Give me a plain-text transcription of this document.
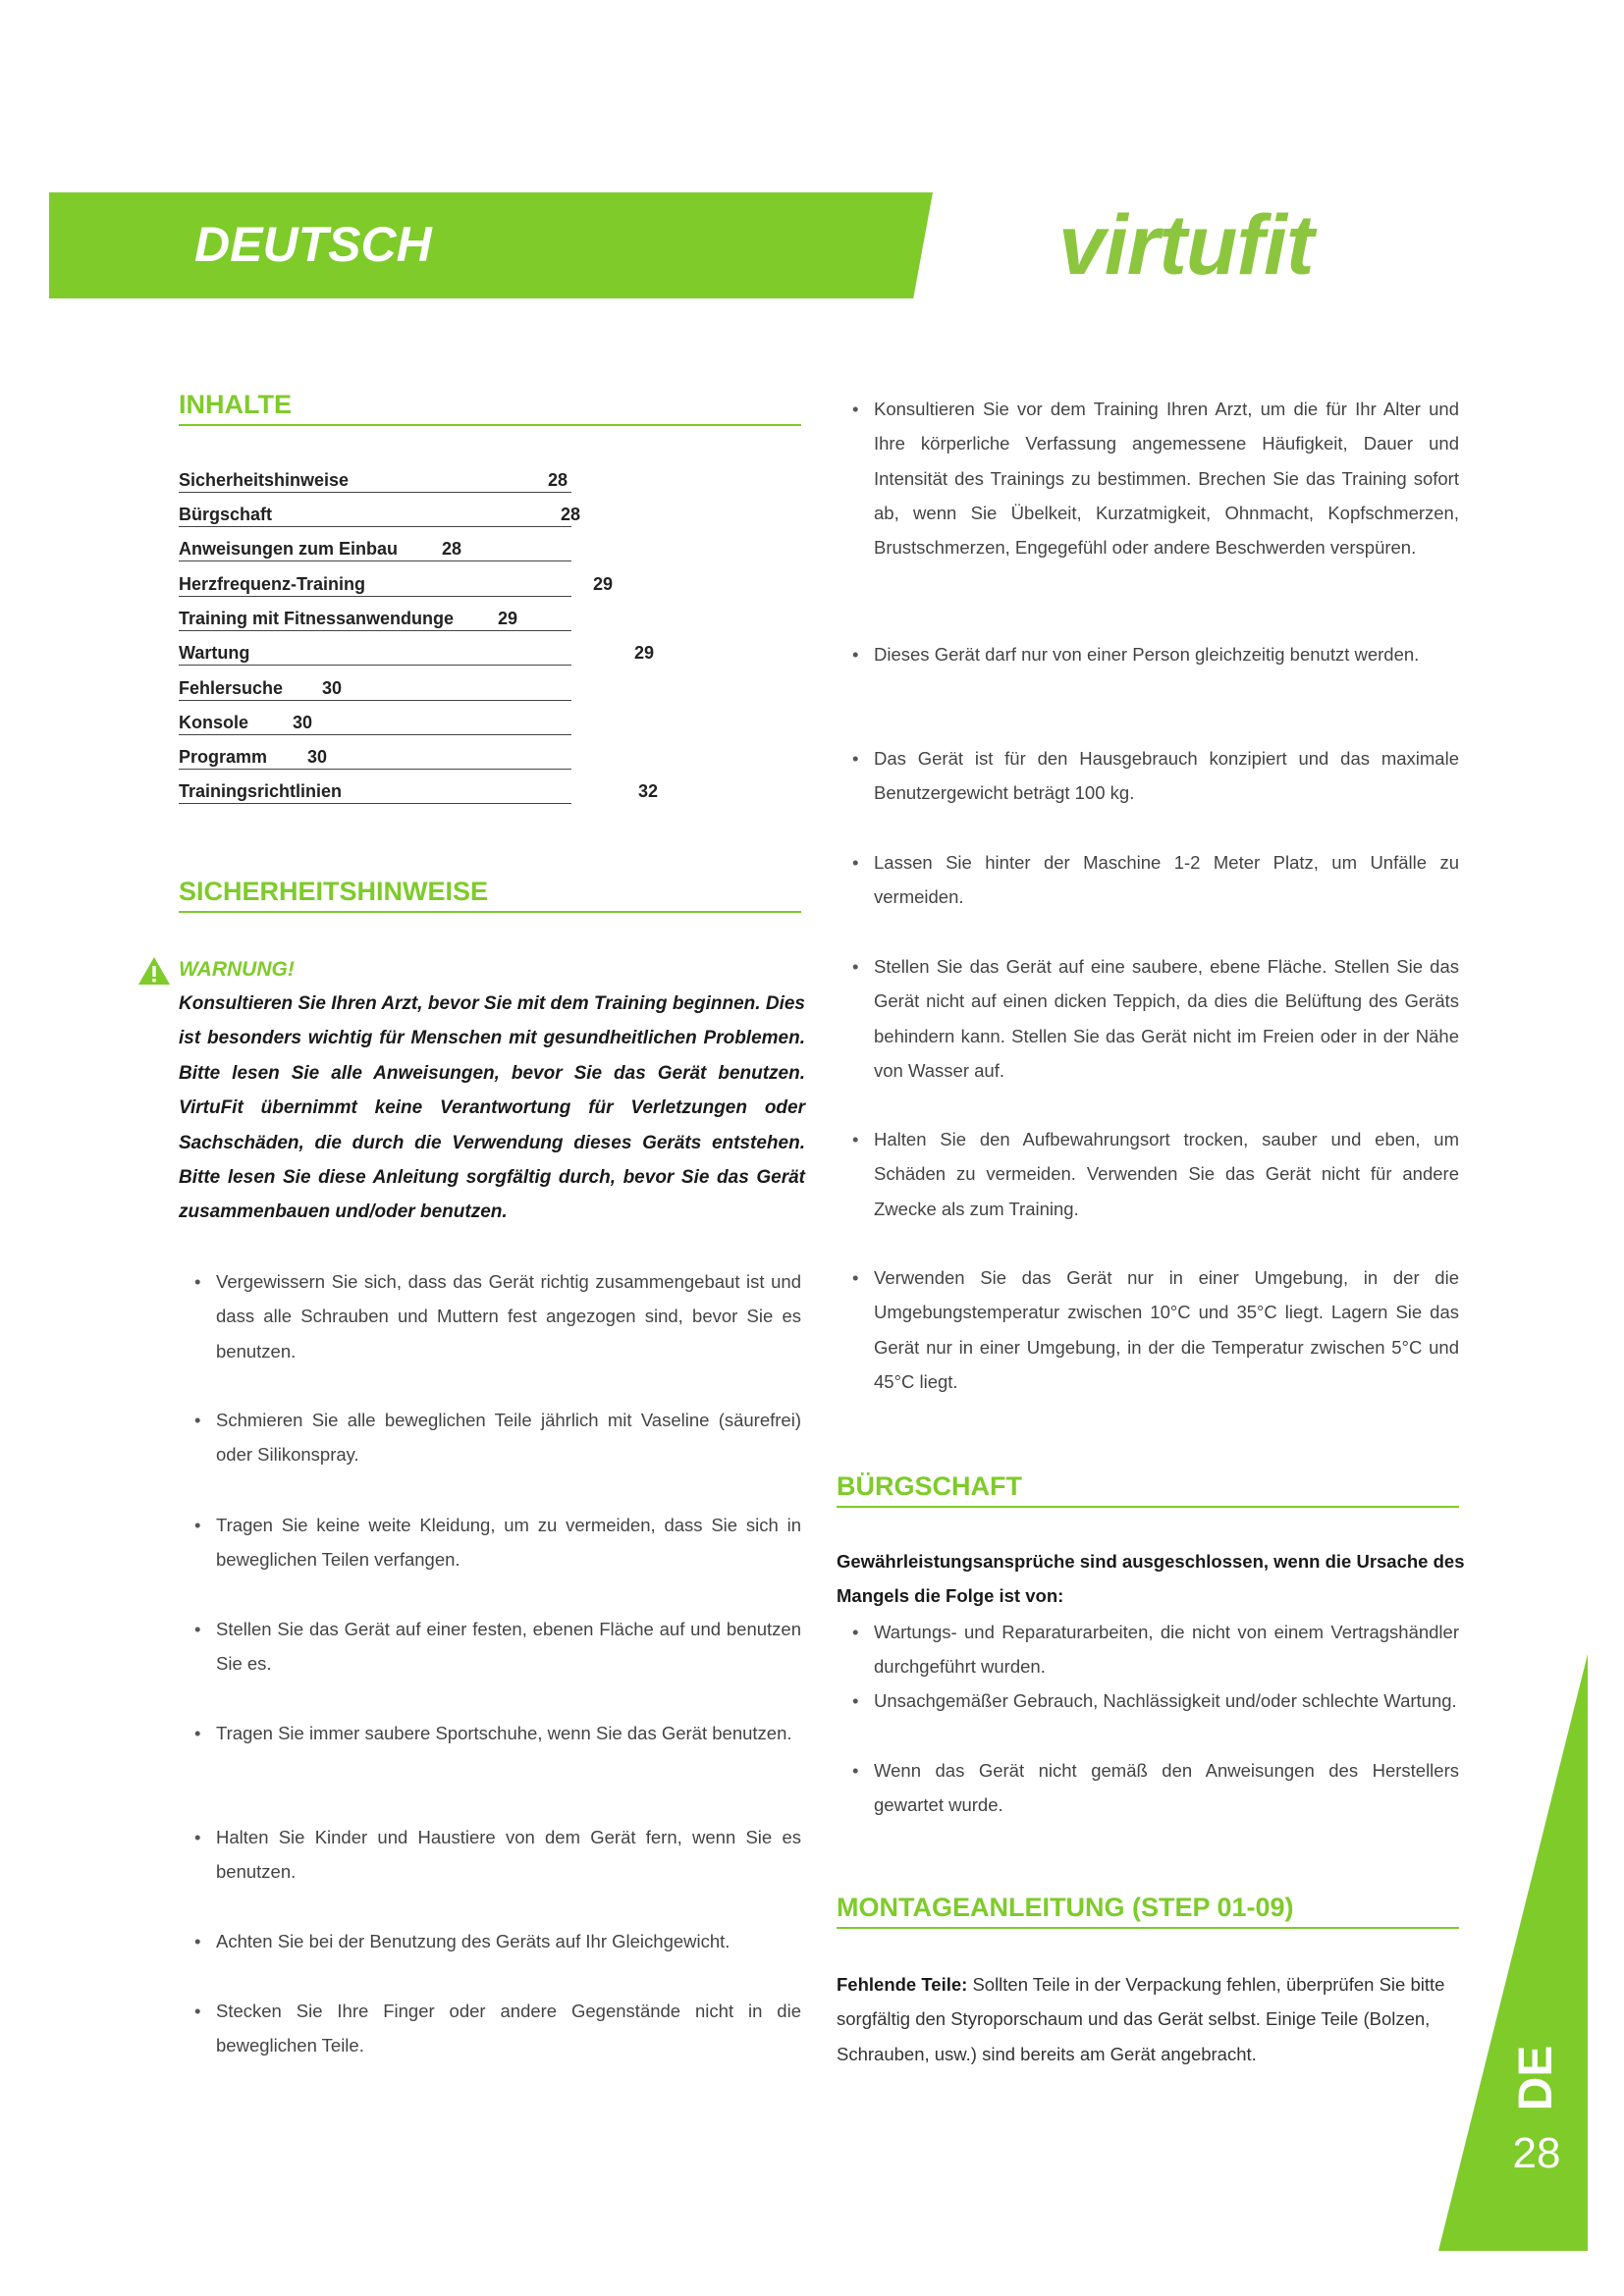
DEUTSCH	virtufit
INHALTE
Sicherheitshinweise	28
Bürgschaft	28
Anweisungen zum Einbau 28
Herzfrequenz-Training	29
Training mit Fitnessanwendunge 29
Wartung	29
Fehlersuche 30
Konsole 30
Programm 30
Trainingsrichtlinien	32
SICHERHEITSHINWEISE
WARNUNG!
Konsultieren Sie Ihren Arzt, bevor Sie mit dem Training beginnen. Dies ist besonders wichtig für Menschen mit gesundheitlichen Problemen. Bitte lesen Sie alle Anweisungen, bevor Sie das Gerät benutzen. VirtuFit übernimmt keine Verantwortung für Verletzungen oder Sachschäden, die durch die Verwendung dieses Geräts entstehen. Bitte lesen Sie diese Anleitung sorgfältig durch, bevor Sie das Gerät zusammenbauen und/oder benutzen.
• Vergewissern Sie sich, dass das Gerät richtig zusammengebaut ist und dass alle Schrauben und Muttern fest angezogen sind, bevor Sie es benutzen.
• Schmieren Sie alle beweglichen Teile jährlich mit Vaseline (säurefrei) oder Silikonspray.
• Tragen Sie keine weite Kleidung, um zu vermeiden, dass Sie sich in beweglichen Teilen verfangen.
• Stellen Sie das Gerät auf einer festen, ebenen Fläche auf und benutzen Sie es.
• Tragen Sie immer saubere Sportschuhe, wenn Sie das Gerät benutzen.
• Halten Sie Kinder und Haustiere von dem Gerät fern, wenn Sie es benutzen.
• Achten Sie bei der Benutzung des Geräts auf Ihr Gleichgewicht.
• Stecken Sie Ihre Finger oder andere Gegenstände nicht in die beweglichen Teile.
• Konsultieren Sie vor dem Training Ihren Arzt, um die für Ihr Alter und Ihre körperliche Verfassung angemessene Häufigkeit, Dauer und Intensität des Trainings zu bestimmen. Brechen Sie das Training sofort ab, wenn Sie Übelkeit, Kurzatmigkeit, Ohnmacht, Kopfschmerzen, Brustschmerzen, Engegefühl oder andere Beschwerden verspüren.
• Dieses Gerät darf nur von einer Person gleichzeitig benutzt werden.
• Das Gerät ist für den Hausgebrauch konzipiert und das maximale Benutzergewicht beträgt 100 kg.
• Lassen Sie hinter der Maschine 1-2 Meter Platz, um Unfälle zu vermeiden.
• Stellen Sie das Gerät auf eine saubere, ebene Fläche. Stellen Sie das Gerät nicht auf einen dicken Teppich, da dies die Belüftung des Geräts behindern kann. Stellen Sie das Gerät nicht im Freien oder in der Nähe von Wasser auf.
• Halten Sie den Aufbewahrungsort trocken, sauber und eben, um Schäden zu vermeiden. Verwenden Sie das Gerät nicht für andere Zwecke als zum Training.
• Verwenden Sie das Gerät nur in einer Umgebung, in der die Umgebungstemperatur zwischen 10°C und 35°C liegt. Lagern Sie das Gerät nur in einer Umgebung, in der die Temperatur zwischen 5°C und 45°C liegt.
BÜRGSCHAFT
Gewährleistungsansprüche sind ausgeschlossen, wenn die Ursache des Mangels die Folge ist von:
• Wartungs- und Reparaturarbeiten, die nicht von einem Vertragshändler durchgeführt wurden.
• Unsachgemäßer Gebrauch, Nachlässigkeit und/oder schlechte Wartung.
• Wenn das Gerät nicht gemäß den Anweisungen des Herstellers gewartet wurde.
MONTAGEANLEITUNG (STEP 01-09)
Fehlende Teile: Sollten Teile in der Verpackung fehlen, überprüfen Sie bitte sorgfältig den Styroporschaum und das Gerät selbst. Einige Teile (Bolzen, Schrauben, usw.) sind bereits am Gerät angebracht.	DE
28
